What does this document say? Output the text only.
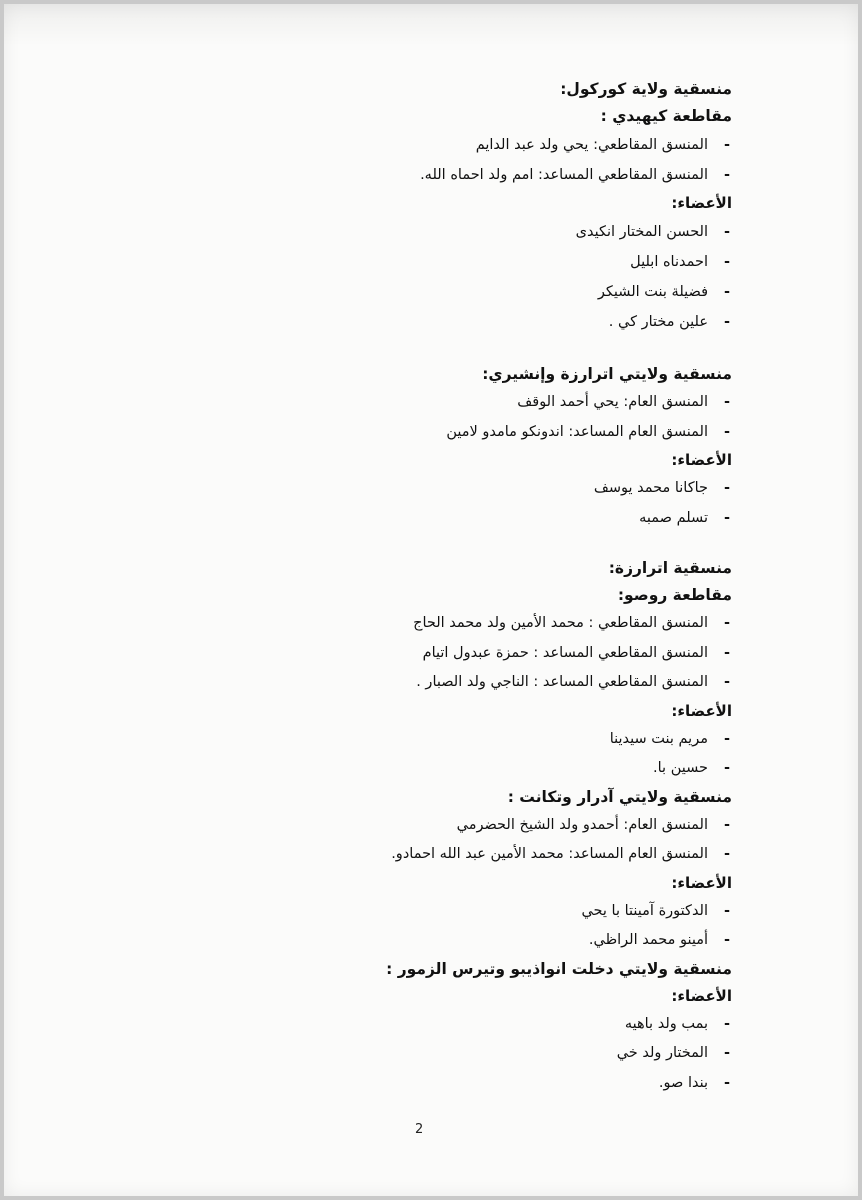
منسقية ولاية كوركول:

مقاطعة كيهيدي :

- المنسق المقاطعي: يحي ولد عبد الدايم
- المنسق المقاطعي المساعد: امم ولد احماه الله.

الأعضاء:

- الحسن المختار انكيدى
- احمدناه ابليل
- فضيلة بنت الشيكر
- علين مختار كي .

منسقية ولايتي اترارزة وإنشيري:

- المنسق العام: يحي أحمد الوقف
- المنسق العام المساعد: اندونكو مامدو لامين

الأعضاء:

- جاكانا محمد يوسف
- تسلم صمبه

منسقية اترارزة:

مقاطعة روصو:

- المنسق المقاطعي : محمد الأمين ولد محمد الحاج
- المنسق المقاطعي المساعد : حمزة عبدول اتيام
- المنسق المقاطعي المساعد : الناجي ولد الصبار .

الأعضاء:

- مريم بنت سيدينا
- حسين با.

منسقية ولايتي آدرار وتكانت :

- المنسق العام: أحمدو ولد الشيخ الحضرمي
- المنسق العام المساعد: محمد الأمين عبد الله احمادو.

الأعضاء:

- الدكتورة آمينتا با يحي
- أمينو محمد الراظي.

منسقية ولايتي دخلت انواذيبو وتيرس الزمور :

الأعضاء:

- بمب ولد باهيه
- المختار ولد خي
- بندا صو.
2
